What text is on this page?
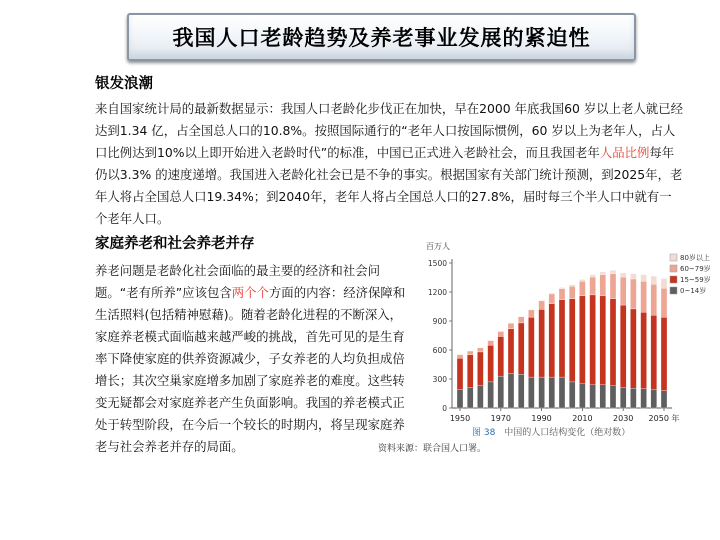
我国人口老龄趋势及养老事业发展的紧迫性
银发浪潮
来自国家统计局的最新数据显示：我国人口老龄化步伐正在加快，早在2000 年底我国60 岁以上老人就已经达到1.34 亿，占全国总人口的10.8%。按照国际通行的“老年人口按国际惯例，60 岁以上为老年人，占人口比例达到10%以上即开始进入老龄时代”的标准，中国已正式进入老龄社会，而且我国老年人品比例每年仍以3.3% 的速度递增。我国进入老龄化社会已是不争的事实。根据国家有关部门统计预测，到2025年，老年人将占全国总人口19.34%；到2040年，老年人将占全国总人口的27.8%，届时每三个半人口中就有一个老年人口。
家庭养老和社会养老并存
养老问题是老龄化社会面临的最主要的经济和社会问题。“老有所养”应该包含两个个方面的内容：经济保障和生活照料(包括精神慰藉)。随着老龄化进程的不断深入，家庭养老模式面临越来越严峻的挑战，首先可见的是生育率下降使家庭的供养资源减少，子女养老的人均负担成倍增长；其次空巢家庭增多加剧了家庭养老的难度。这些转变无疑都会对家庭养老产生负面影响。我国的养老模式正处于转型阶段，在今后一个较长的时期内，将呈现家庭养老与社会养老并存的局面。
百万人
0
300
600
900
1200
1500
1950	1970	1990	2010	2030 2050 年
80岁以上
60~79岁
15~59岁
0~14岁
图 38 中国的人口结构变化（绝对数）
资料来源：联合国人口署。
